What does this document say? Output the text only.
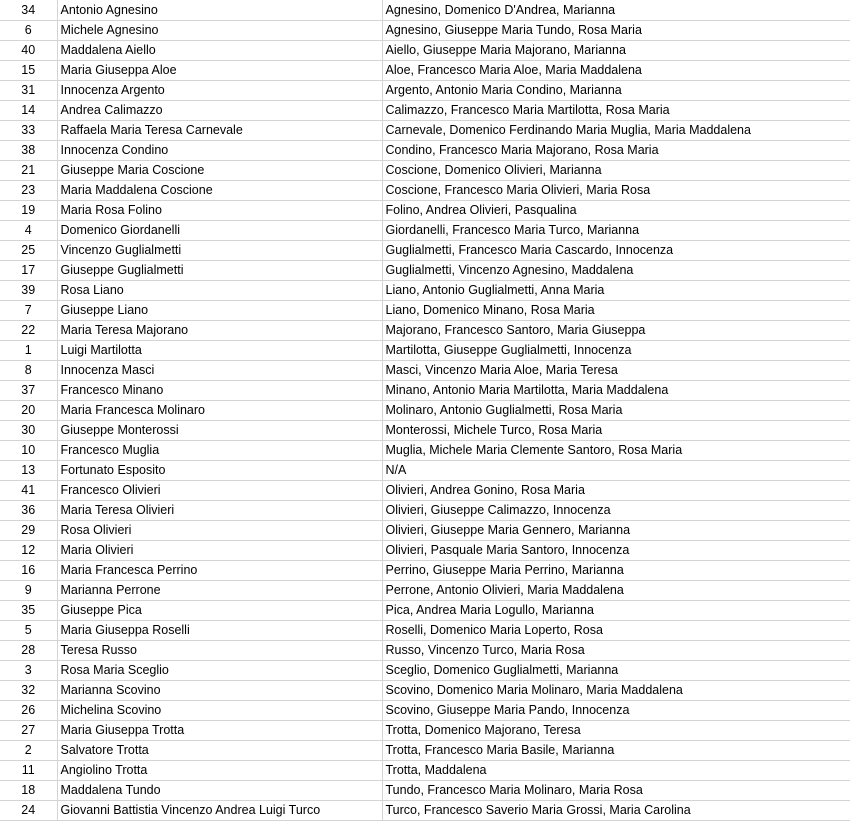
34	Antonio Agnesino	Agnesino, Domenico D'Andrea, Marianna
6	Michele Agnesino	Agnesino, Giuseppe Maria Tundo, Rosa Maria
40	Maddalena Aiello	Aiello, Giuseppe Maria Majorano, Marianna
15	Maria Giuseppa Aloe	Aloe, Francesco Maria Aloe, Maria Maddalena
31	Innocenza Argento	Argento, Antonio Maria Condino, Marianna
14	Andrea Calimazzo	Calimazzo, Francesco Maria Martilotta, Rosa Maria
33	Raffaela Maria Teresa Carnevale	Carnevale, Domenico Ferdinando Maria Muglia, Maria Maddalena
38	Innocenza Condino	Condino, Francesco Maria Majorano, Rosa Maria
21	Giuseppe Maria Coscione	Coscione, Domenico Olivieri, Marianna
23	Maria Maddalena Coscione	Coscione, Francesco Maria Olivieri, Maria Rosa
19	Maria Rosa Folino	Folino, Andrea Olivieri, Pasqualina
4	Domenico Giordanelli	Giordanelli, Francesco Maria Turco, Marianna
25	Vincenzo Guglialmetti	Guglialmetti, Francesco Maria Cascardo, Innocenza
17	Giuseppe Guglialmetti	Guglialmetti, Vincenzo Agnesino, Maddalena
39	Rosa Liano	Liano, Antonio Guglialmetti, Anna Maria
7	Giuseppe Liano	Liano, Domenico Minano, Rosa Maria
22	Maria Teresa Majorano	Majorano, Francesco Santoro, Maria Giuseppa
1	Luigi Martilotta	Martilotta, Giuseppe Guglialmetti, Innocenza
8	Innocenza Masci	Masci, Vincenzo Maria Aloe, Maria Teresa
37	Francesco Minano	Minano, Antonio Maria Martilotta, Maria Maddalena
20	Maria Francesca Molinaro	Molinaro, Antonio Guglialmetti, Rosa Maria
30	Giuseppe Monterossi	Monterossi, Michele Turco, Rosa Maria
10	Francesco Muglia	Muglia, Michele Maria Clemente Santoro, Rosa Maria
13	Fortunato Esposito	N/A
41	Francesco Olivieri	Olivieri, Andrea Gonino, Rosa Maria
36	Maria Teresa Olivieri	Olivieri, Giuseppe Calimazzo, Innocenza
29	Rosa Olivieri	Olivieri, Giuseppe Maria Gennero, Marianna
12	Maria Olivieri	Olivieri, Pasquale Maria Santoro, Innocenza
16	Maria Francesca Perrino	Perrino, Giuseppe Maria Perrino, Marianna
9	Marianna Perrone	Perrone, Antonio Olivieri, Maria Maddalena
35	Giuseppe Pica	Pica, Andrea Maria Logullo, Marianna
5	Maria Giuseppa Roselli	Roselli, Domenico Maria Loperto, Rosa
28	Teresa Russo	Russo, Vincenzo Turco, Maria Rosa
3	Rosa Maria Sceglio	Sceglio, Domenico Guglialmetti, Marianna
32	Marianna Scovino	Scovino, Domenico Maria Molinaro, Maria Maddalena
26	Michelina Scovino	Scovino, Giuseppe Maria Pando, Innocenza
27	Maria Giuseppa Trotta	Trotta, Domenico Majorano, Teresa
2	Salvatore Trotta	Trotta, Francesco Maria Basile, Marianna
11	Angiolino Trotta	Trotta, Maddalena
18	Maddalena Tundo	Tundo, Francesco Maria Molinaro, Maria Rosa
24	Giovanni Battistia Vincenzo Andrea Luigi Turco	Turco, Francesco Saverio Maria Grossi, Maria Carolina
